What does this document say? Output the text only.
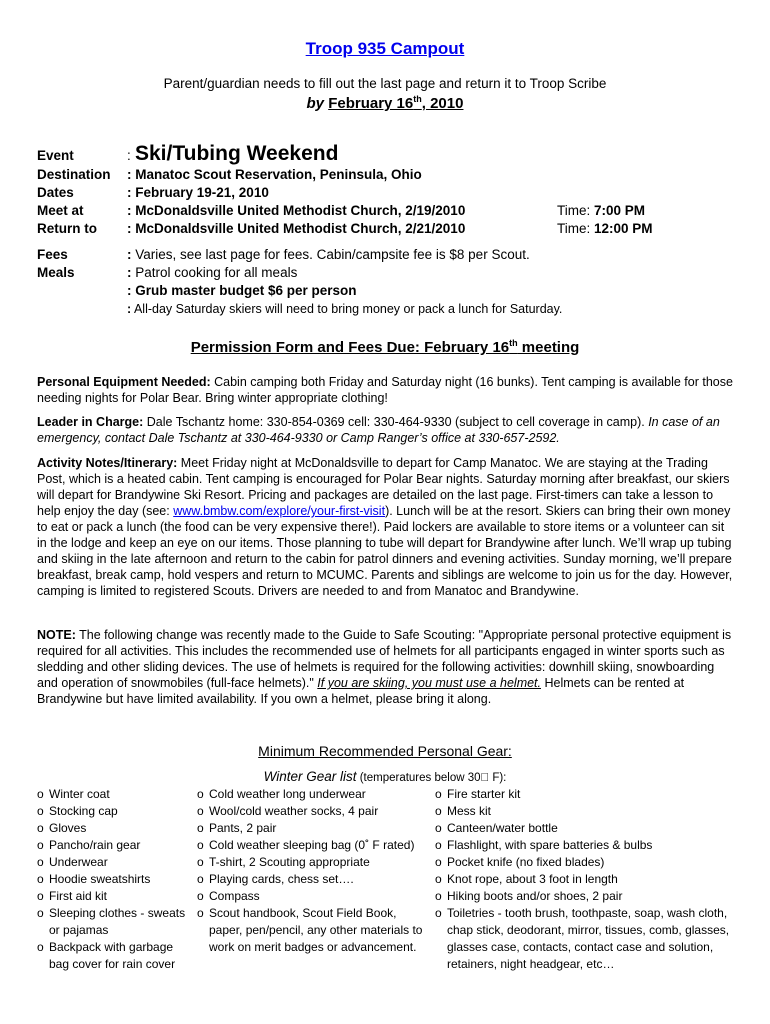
Troop 935 Campout
Parent/guardian needs to fill out the last page and return it to Troop Scribe
by February 16th, 2010
Event	: Ski/Tubing Weekend
Destination : Manatoc Scout Reservation, Peninsula, Ohio
Dates	: February 19-21, 2010
Meet at	: McDonaldsville United Methodist Church, 2/19/2010	Time: 7:00 PM
Return to : McDonaldsville United Methodist Church, 2/21/2010	Time: 12:00 PM
Fees	: Varies, see last page for fees. Cabin/campsite fee is $8 per Scout.
Meals	: Patrol cooking for all meals
: Grub master budget $6 per person
: All-day Saturday skiers will need to bring money or pack a lunch for Saturday.
Permission Form and Fees Due: February 16th meeting

Personal Equipment Needed: Cabin camping both Friday and Saturday night (16 bunks). Tent camping is available for those needing nights for Polar Bear. Bring winter appropriate clothing!

Leader in Charge: Dale Tschantz home: 330-854-0369 cell: 330-464-9330 (subject to cell coverage in camp). In case of an emergency, contact Dale Tschantz at 330-464-9330 or Camp Ranger’s office at 330-657-2592.

Activity Notes/Itinerary: Meet Friday night at McDonaldsville to depart for Camp Manatoc. We are staying at the Trading Post, which is a heated cabin. Tent camping is encouraged for Polar Bear nights. Saturday morning after breakfast, our skiers will depart for Brandywine Ski Resort. Pricing and packages are detailed on the last page. First-timers can take a lesson to help enjoy the day (see: www.bmbw.com/explore/your-first-visit). Lunch will be at the resort. Skiers can bring their own money to eat or pack a lunch (the food can be very expensive there!). Paid lockers are available to store items or a volunteer can sit in the lodge and keep an eye on our items. Those planning to tube will depart for Brandywine after lunch. We’ll wrap up tubing and skiing in the late afternoon and return to the cabin for patrol dinners and evening activities. Sunday morning, we’ll prepare breakfast, break camp, hold vespers and return to MCUMC. Parents and siblings are welcome to join us for the day. However, camping is limited to registered Scouts. Drivers are needed to and from Manatoc and Brandywine.

NOTE: The following change was recently made to the Guide to Safe Scouting: "Appropriate personal protective equipment is required for all activities. This includes the recommended use of helmets for all participants engaged in winter sports such as sledding and other sliding devices. The use of helmets is required for the following activities: downhill skiing, snowboarding and operation of snowmobiles (full-face helmets)." If you are skiing, you must use a helmet. Helmets can be rented at Brandywine but have limited availability. If you own a helmet, please bring it along.

Minimum Recommended Personal Gear:
Winter Gear list (temperatures below 30  F):
o Winter coat
o Stocking cap
o Gloves
o Pancho/rain gear
o Underwear
o Hoodie sweatshirts
o First aid kit
o Sleeping clothes - sweats or pajamas
o Backpack with garbage bag cover for rain cover
o Cold weather long underwear
o Wool/cold weather socks, 4 pair
o Pants, 2 pair
o Cold weather sleeping bag (0˚ F rated)
o T-shirt, 2 Scouting appropriate
o Playing cards, chess set….
o Compass
o Scout handbook, Scout Field Book, paper, pen/pencil, any other materials to work on merit badges or advancement.
o Fire starter kit
o Mess kit
o Canteen/water bottle
o Flashlight, with spare batteries & bulbs
o Pocket knife (no fixed blades)
o Knot rope, about 3 foot in length
o Hiking boots and/or shoes, 2 pair
o Toiletries - tooth brush, toothpaste, soap, wash cloth, chap stick, deodorant, mirror, tissues, comb, glasses, glasses case, contacts, contact case and solution, retainers, night headgear, etc…
